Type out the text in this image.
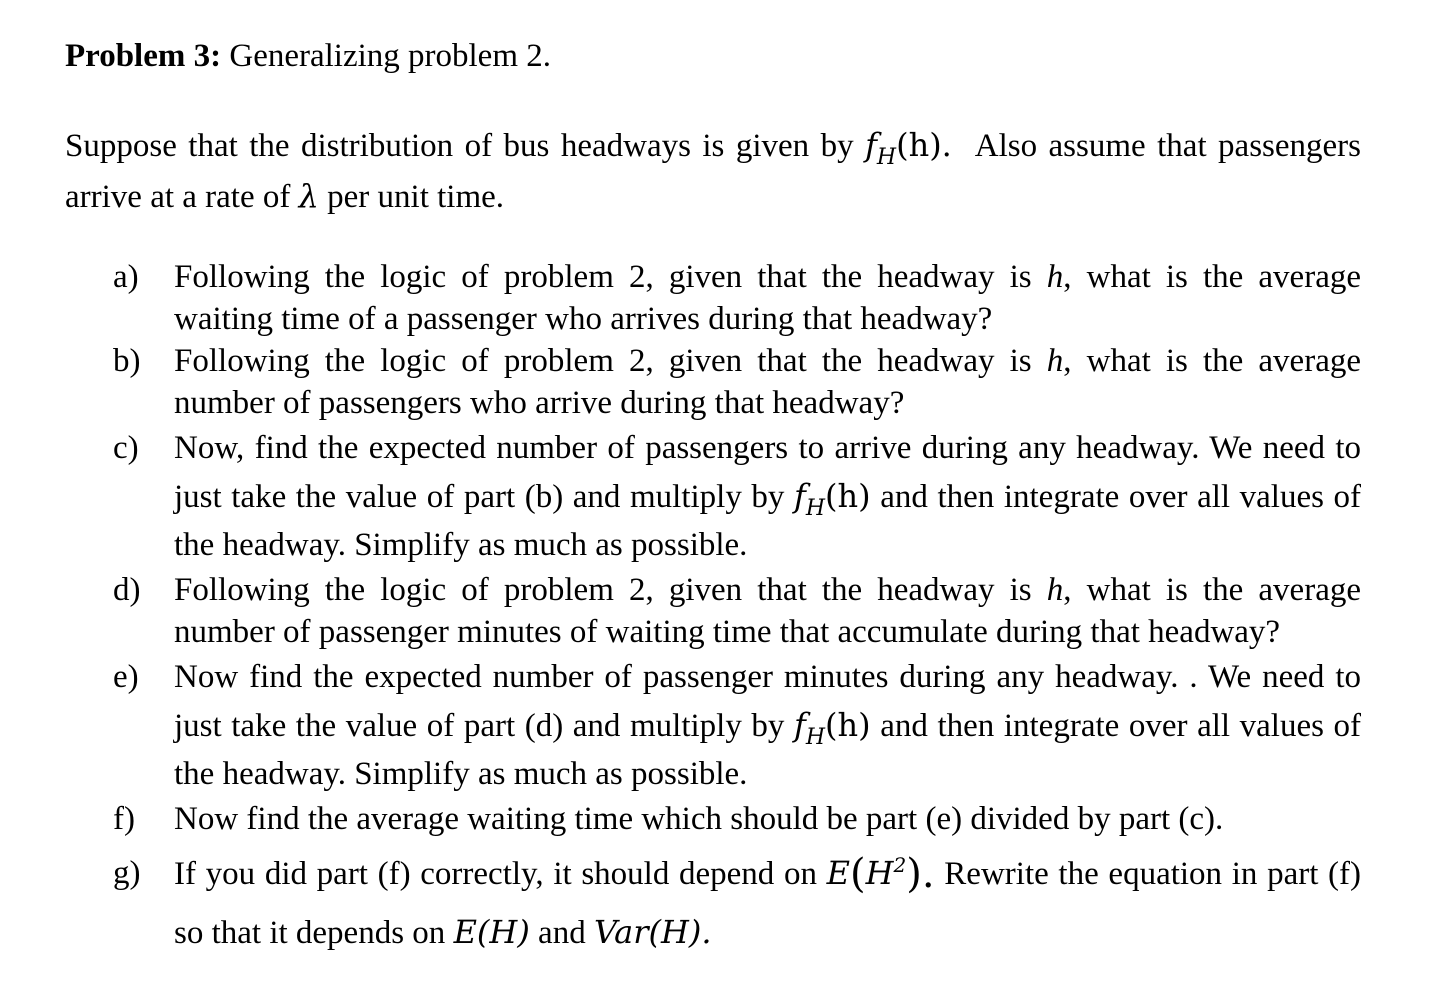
Problem 3: Generalizing problem 2.
Suppose that the distribution of bus headways is given by $f_H(h)$. Also assume that passengers arrive at a rate of λ per unit time.
a) Following the logic of problem 2, given that the headway is h, what is the average waiting time of a passenger who arrives during that headway?
b) Following the logic of problem 2, given that the headway is h, what is the average number of passengers who arrive during that headway?
c) Now, find the expected number of passengers to arrive during any headway. We need to just take the value of part (b) and multiply by $f_H(h)$ and then integrate over all values of the headway. Simplify as much as possible.
d) Following the logic of problem 2, given that the headway is h, what is the average number of passenger minutes of waiting time that accumulate during that headway?
e) Now find the expected number of passenger minutes during any headway. . We need to just take the value of part (d) and multiply by $f_H(h)$ and then integrate over all values of the headway. Simplify as much as possible.
f) Now find the average waiting time which should be part (e) divided by part (c).
g) If you did part (f) correctly, it should depend on $E(H^2)$. Rewrite the equation in part (f) so that it depends on E(H) and Var(H).
